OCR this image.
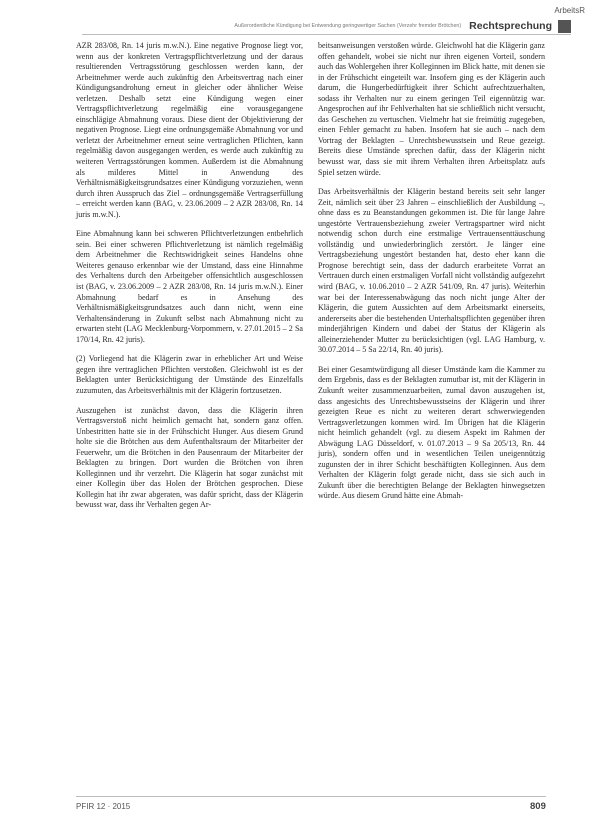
ArbeitsR
Außerordentliche Kündigung bei Entwendung geringwertiger Sachen (Verzehr fremder Brötchen) Rechtsprechung

AZR 283/08, Rn. 14 juris m.w.N.). Eine negative Prognose liegt vor, wenn aus der konkreten Vertragspflichtverletzung und der daraus resultierenden Vertragsstörung geschlossen werden kann, der Arbeitnehmer werde auch zukünftig den Arbeitsvertrag nach einer Kündigungsandrohung erneut in gleicher oder ähnlicher Weise verletzen. Deshalb setzt eine Kündigung wegen einer Vertragspflichtverletzung regelmäßig eine vorausgegangene einschlägige Abmahnung voraus. Diese dient der Objektivierung der negativen Prognose. Liegt eine ordnungsgemäße Abmahnung vor und verletzt der Arbeitnehmer erneut seine vertraglichen Pflichten, kann regelmäßig davon ausgegangen werden, es werde auch zukünftig zu weiteren Vertragsstörungen kommen. Außerdem ist die Abmahnung als milderes Mittel in Anwendung des Verhältnismäßigkeitsgrundsatzes einer Kündigung vorzuziehen, wenn durch ihren Ausspruch das Ziel – ordnungsgemäße Vertragserfüllung – erreicht werden kann (BAG, v. 23.06.2009 – 2 AZR 283/08, Rn. 14 juris m.w.N.).

Eine Abmahnung kann bei schweren Pflichtverletzungen entbehrlich sein. Bei einer schweren Pflichtverletzung ist nämlich regelmäßig dem Arbeitnehmer die Rechtswidrigkeit seines Handelns ohne Weiteres genauso erkennbar wie der Umstand, dass eine Hinnahme des Verhaltens durch den Arbeitgeber offensichtlich ausgeschlossen ist (BAG, v. 23.06.2009 – 2 AZR 283/08, Rn. 14 juris m.w.N.). Einer Abmahnung bedarf es in Ansehung des Verhältnismäßigkeitsgrundsatzes auch dann nicht, wenn eine Verhaltensänderung in Zukunft selbst nach Abmahnung nicht zu erwarten steht (LAG Mecklenburg-Vorpommern, v. 27.01.2015 – 2 Sa 170/14, Rn. 42 juris).

(2) Vorliegend hat die Klägerin zwar in erheblicher Art und Weise gegen ihre vertraglichen Pflichten verstoßen. Gleichwohl ist es der Beklagten unter Berücksichtigung der Umstände des Einzelfalls zuzumuten, das Arbeitsverhältnis mit der Klägerin fortzusetzen.

Auszugehen ist zunächst davon, dass die Klägerin ihren Vertragsverstoß nicht heimlich gemacht hat, sondern ganz offen. Unbestritten hatte sie in der Frühschicht Hunger. Aus diesem Grund holte sie die Brötchen aus dem Aufenthaltsraum der Mitarbeiter der Feuerwehr, um die Brötchen in den Pausenraum der Mitarbeiter der Beklagten zu bringen. Dort wurden die Brötchen von ihren Kolleginnen und ihr verzehrt. Die Klägerin hat sogar zunächst mit einer Kollegin über das Holen der Brötchen gesprochen. Diese Kollegin hat ihr zwar abgeraten, was dafür spricht, dass der Klägerin bewusst war, dass ihr Verhalten gegen Ar-

beitsanweisungen verstoßen würde. Gleichwohl hat die Klägerin ganz offen gehandelt, wobei sie nicht nur ihren eigenen Vorteil, sondern auch das Wohlergehen ihrer Kolleginnen im Blick hatte, mit denen sie in der Frühschicht eingeteilt war. Insofern ging es der Klägerin auch darum, die Hungerbedürftigkeit ihrer Schicht aufrechtzuerhalten, sodass ihr Verhalten nur zu einem geringen Teil eigennützig war. Angesprochen auf ihr Fehlverhalten hat sie schließlich nicht versucht, das Geschehen zu vertuschen. Vielmehr hat sie freimütig zugegeben, einen Fehler gemacht zu haben. Insofern hat sie auch – nach dem Vortrag der Beklagten – Unrechtsbewusstsein und Reue gezeigt. Bereits diese Umstände sprechen dafür, dass der Klägerin nicht bewusst war, dass sie mit ihrem Verhalten ihren Arbeitsplatz aufs Spiel setzen würde.

Das Arbeitsverhältnis der Klägerin bestand bereits seit sehr langer Zeit, nämlich seit über 23 Jahren – einschließlich der Ausbildung –, ohne dass es zu Beanstandungen gekommen ist. Die für lange Jahre ungestörte Vertrauensbeziehung zweier Vertragspartner wird nicht notwendig schon durch eine erstmalige Vertrauensenttäuschung vollständig und unwiederbringlich zerstört. Je länger eine Vertragsbeziehung ungestört bestanden hat, desto eher kann die Prognose berechtigt sein, dass der dadurch erarbeitete Vorrat an Vertrauen durch einen erstmaligen Vorfall nicht vollständig aufgezehrt wird (BAG, v. 10.06.2010 – 2 AZR 541/09, Rn. 47 juris). Weiterhin war bei der Interessenabwägung das noch nicht junge Alter der Klägerin, die gutem Aussichten auf dem Arbeitsmarkt einerseits, andererseits aber die bestehenden Unterhaltspflichten gegenüber ihren minderjährigen Kindern und dabei der Status der Klägerin als alleinerziehender Mutter zu berücksichtigen (vgl. LAG Hamburg, v. 30.07.2014 – 5 Sa 22/14, Rn. 40 juris).

Bei einer Gesamtwürdigung all dieser Umstände kam die Kammer zu dem Ergebnis, dass es der Beklagten zumutbar ist, mit der Klägerin in Zukunft weiter zusammenzuarbeiten, zumal davon auszugehen ist, dass angesichts des Unrechtsbewusstseins der Klägerin und ihrer gezeigten Reue es nicht zu weiteren derart schwerwiegenden Vertragsverletzungen kommen wird. Im Übrigen hat die Klägerin nicht heimlich gehandelt (vgl. zu diesem Aspekt im Rahmen der Abwägung LAG Düsseldorf, v. 01.07.2013 – 9 Sa 205/13, Rn. 44 juris), sondern offen und in wesentlichen Teilen uneigennützig zugunsten der in ihrer Schicht beschäftigten Kolleginnen. Aus dem Verhalten der Klägerin folgt gerade nicht, dass sie sich auch in Zukunft über die berechtigten Belange der Beklagten hinwegsetzen würde. Aus diesem Grund hätte eine Abmah-

PFIR 12 · 2015	809
